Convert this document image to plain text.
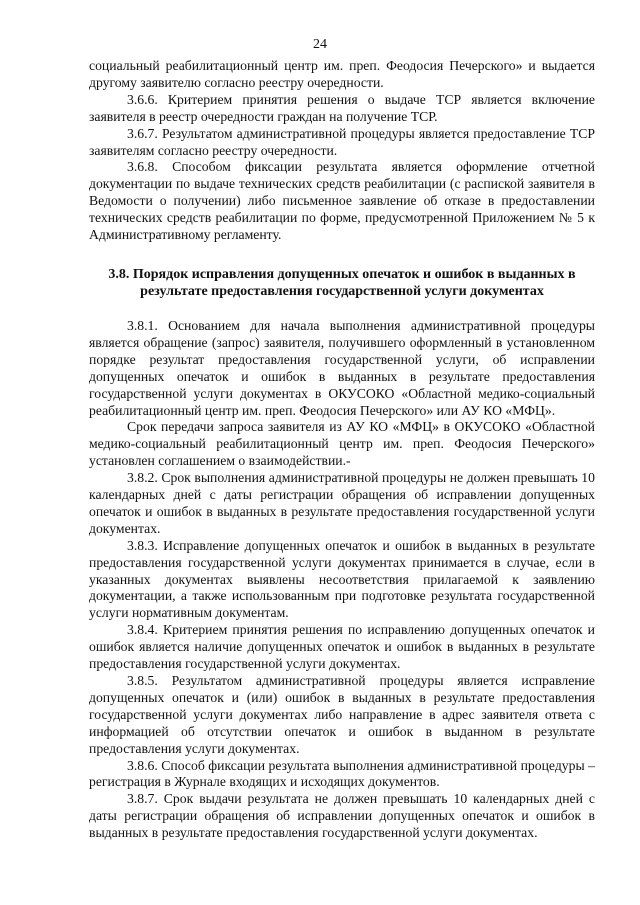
24

социальный реабилитационный центр им. преп. Феодосия Печерского» и выдается другому заявителю согласно реестру очередности.

3.6.6. Критерием принятия решения о выдаче ТСР является включение заявителя в реестр очередности граждан на получение ТСР.

3.6.7. Результатом административной процедуры является предоставление ТСР заявителям согласно реестру очередности.

3.6.8. Способом фиксации результата является оформление отчетной документации по выдаче технических средств реабилитации (с распиской заявителя в Ведомости о получении) либо письменное заявление об отказе в предоставлении технических средств реабилитации по форме, предусмотренной Приложением № 5 к Административному регламенту.

3.8. Порядок исправления допущенных опечаток и ошибок в выданных в результате предоставления государственной услуги документах

3.8.1. Основанием для начала выполнения административной процедуры является обращение (запрос) заявителя, получившего оформленный в установленном порядке результат предоставления государственной услуги, об исправлении допущенных опечаток и ошибок в выданных в результате предоставления государственной услуги документах в ОКУСОКО «Областной медико-социальный реабилитационный центр им. преп. Феодосия Печерского» или АУ КО «МФЦ».

Срок передачи запроса заявителя из АУ КО «МФЦ» в ОКУСОКО «Областной медико-социальный реабилитационный центр им. преп. Феодосия Печерского» установлен соглашением о взаимодействии.-

3.8.2. Срок выполнения административной процедуры не должен превышать 10 календарных дней с даты регистрации обращения об исправлении допущенных опечаток и ошибок в выданных в результате предоставления государственной услуги документах.

3.8.3. Исправление допущенных опечаток и ошибок в выданных в результате предоставления государственной услуги документах принимается в случае, если в указанных документах выявлены несоответствия прилагаемой к заявлению документации, а также использованным при подготовке результата государственной услуги нормативным документам.

3.8.4. Критерием принятия решения по исправлению допущенных опечаток и ошибок является наличие допущенных опечаток и ошибок в выданных в результате предоставления государственной услуги документах.

3.8.5. Результатом административной процедуры является исправление допущенных опечаток и (или) ошибок в выданных в результате предоставления государственной услуги документах либо направление в адрес заявителя ответа с информацией об отсутствии опечаток и ошибок в выданном в результате предоставления услуги документах.

3.8.6. Способ фиксации результата выполнения административной процедуры – регистрация в Журнале входящих и исходящих документов.

3.8.7. Срок выдачи результата не должен превышать 10 календарных дней с даты регистрации обращения об исправлении допущенных опечаток и ошибок в выданных в результате предоставления государственной услуги документах.
